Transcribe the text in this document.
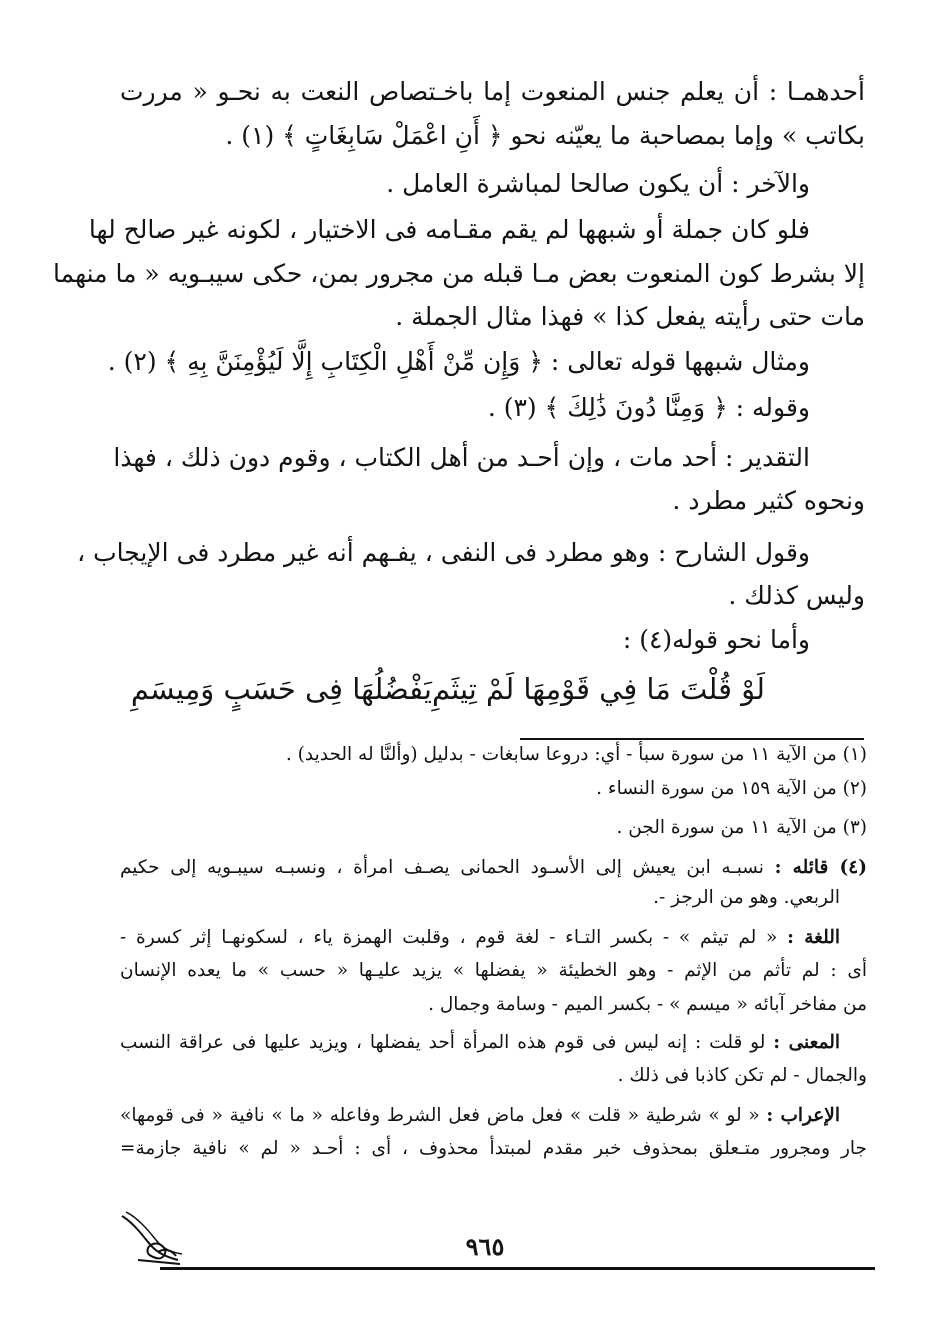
أحدهمـا : أن يعلم جنس المنعوت إما باخـتصاص النعت به نحـو « مررت
بكاتب » وإما بمصاحبة ما يعيّنه نحو ﴿ أَنِ اعْمَلْ سَابِغَاتٍ ﴾ (١) .
والآخر : أن يكون صالحا لمباشرة العامل .
فلو كان جملة أو شبهها لم يقم مقـامه فى الاختيار ، لكونه غير صالح لها
إلا بشرط كون المنعوت بعض مـا قبله من مجرور بمن، حكى سيبـويه « ما منهما
مات حتى رأيته يفعل كذا » فهذا مثال الجملة .
ومثال شبهها قوله تعالى : ﴿ وَإِن مِّنْ أَهْلِ الْكِتَابِ إِلَّا لَيُؤْمِنَنَّ بِهِ ﴾ (٢) .
وقوله : ﴿ وَمِنَّا دُونَ ذَٰلِكَ ﴾ (٣) .
التقدير : أحد مات ، وإن أحـد من أهل الكتاب ، وقوم دون ذلك ، فهذا
ونحوه كثير مطرد .
وقول الشارح : وهو مطرد فى النفى ، يفـهم أنه غير مطرد فى الإيجاب ،
وليس كذلك .
وأما نحو قوله(٤) :
لَوْ قُلْتَ مَا فِي قَوْمِهَا لَمْ تِيثَمِ
يَفْضُلُهَا فِى حَسَبٍ وَمِيسَمِ
(١) من الآية ١١ من سورة سبأ - أي: دروعا سابغات - بدليل (وألنَّا له الحديد) .
(٢) من الآية ١٥٩ من سورة النساء .
(٣) من الآية ١١ من سورة الجن .
(٤) قائله : نسبـه ابن يعيش إلى الأسـود الحمانى يصـف امرأة ، ونسبـه سيبـويه إلى حكيم
الربعي. وهو من الرجز -.
اللغة : « لم تيثم » - بكسر التـاء - لغة قوم ، وقلبت الهمزة ياء ، لسكونهـا إثر كسرة -
أى : لم تأثم من الإثم - وهو الخطيئة « يفضلها » يزيد عليـها « حسب » ما يعده الإنسان
من مفاخر آبائه « ميسم » - بكسر الميم - وسامة وجمال .
المعنى : لو قلت : إنه ليس فى قوم هذه المرأة أحد يفضلها ، ويزيد عليها فى عراقة النسب
والجمال - لم تكن كاذبا فى ذلك .
الإعراب : « لو » شرطية « قلت » فعل ماض فعل الشرط وفاعله « ما » نافية « فى قومها»
جار ومجرور متـعلق بمحذوف خبر مقدم لمبتدأ محذوف ، أى : أحـد « لم » نافية جازمة=
٩٦٥
